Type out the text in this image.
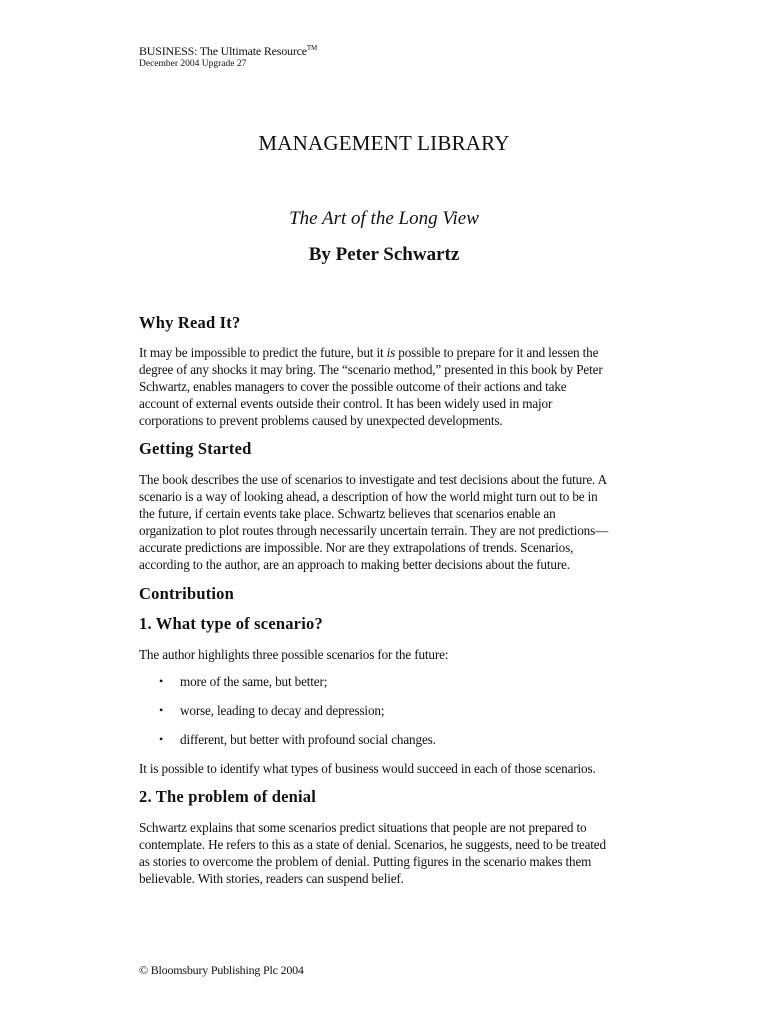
BUSINESS: The Ultimate Resource™
December 2004 Upgrade 27
MANAGEMENT LIBRARY
The Art of the Long View
By Peter Schwartz
Why Read It?

It may be impossible to predict the future, but it is possible to prepare for it and lessen the degree of any shocks it may bring. The “scenario method,” presented in this book by Peter Schwartz, enables managers to cover the possible outcome of their actions and take account of external events outside their control. It has been widely used in major corporations to prevent problems caused by unexpected developments.

Getting Started

The book describes the use of scenarios to investigate and test decisions about the future. A scenario is a way of looking ahead, a description of how the world might turn out to be in the future, if certain events take place. Schwartz believes that scenarios enable an organization to plot routes through necessarily uncertain terrain. They are not predictions—accurate predictions are impossible. Nor are they extrapolations of trends. Scenarios, according to the author, are an approach to making better decisions about the future.

Contribution
1. What type of scenario?

The author highlights three possible scenarios for the future:

• more of the same, but better;
• worse, leading to decay and depression;
• different, but better with profound social changes.

It is possible to identify what types of business would succeed in each of those scenarios.

2. The problem of denial

Schwartz explains that some scenarios predict situations that people are not prepared to contemplate. He refers to this as a state of denial. Scenarios, he suggests, need to be treated as stories to overcome the problem of denial. Putting figures in the scenario makes them believable. With stories, readers can suspend belief.

© Bloomsbury Publishing Plc 2004
